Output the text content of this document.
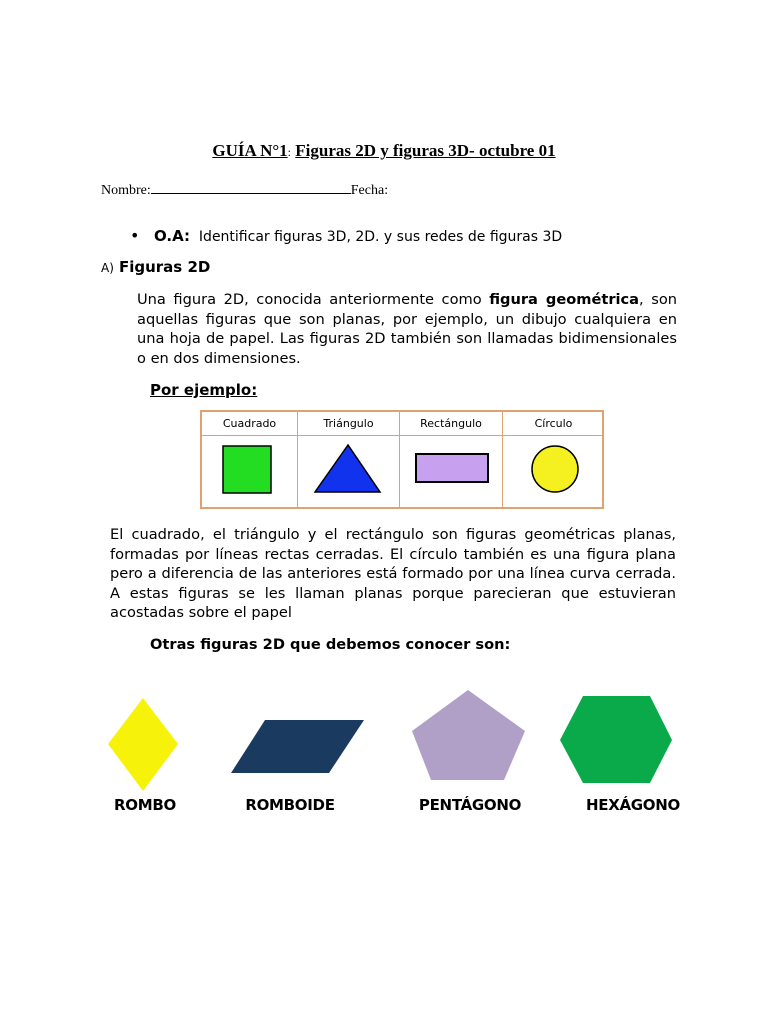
GUÍA N°1: Figuras 2D y figuras 3D- octubre 01
Nombre:	Fecha:
• O.A: Identificar figuras 3D, 2D. y sus redes de figuras 3D
A) Figuras 2D
Una figura 2D, conocida anteriormente como figura geométrica, son aquellas figuras que son planas, por ejemplo, un dibujo cualquiera en una hoja de papel. Las figuras 2D también son llamadas bidimensionales o en dos dimensiones.
Por ejemplo:
Cuadrado	Triángulo	Rectángulo	Círculo
El cuadrado, el triángulo y el rectángulo son figuras geométricas planas, formadas por líneas rectas cerradas. El círculo también es una figura plana pero a diferencia de las anteriores está formado por una línea curva cerrada. A estas figuras se les llaman planas porque parecieran que estuvieran acostadas sobre el papel
Otras figuras 2D que debemos conocer son:
ROMBO	ROMBOIDE	PENTÁGONO	HEXÁGONO
